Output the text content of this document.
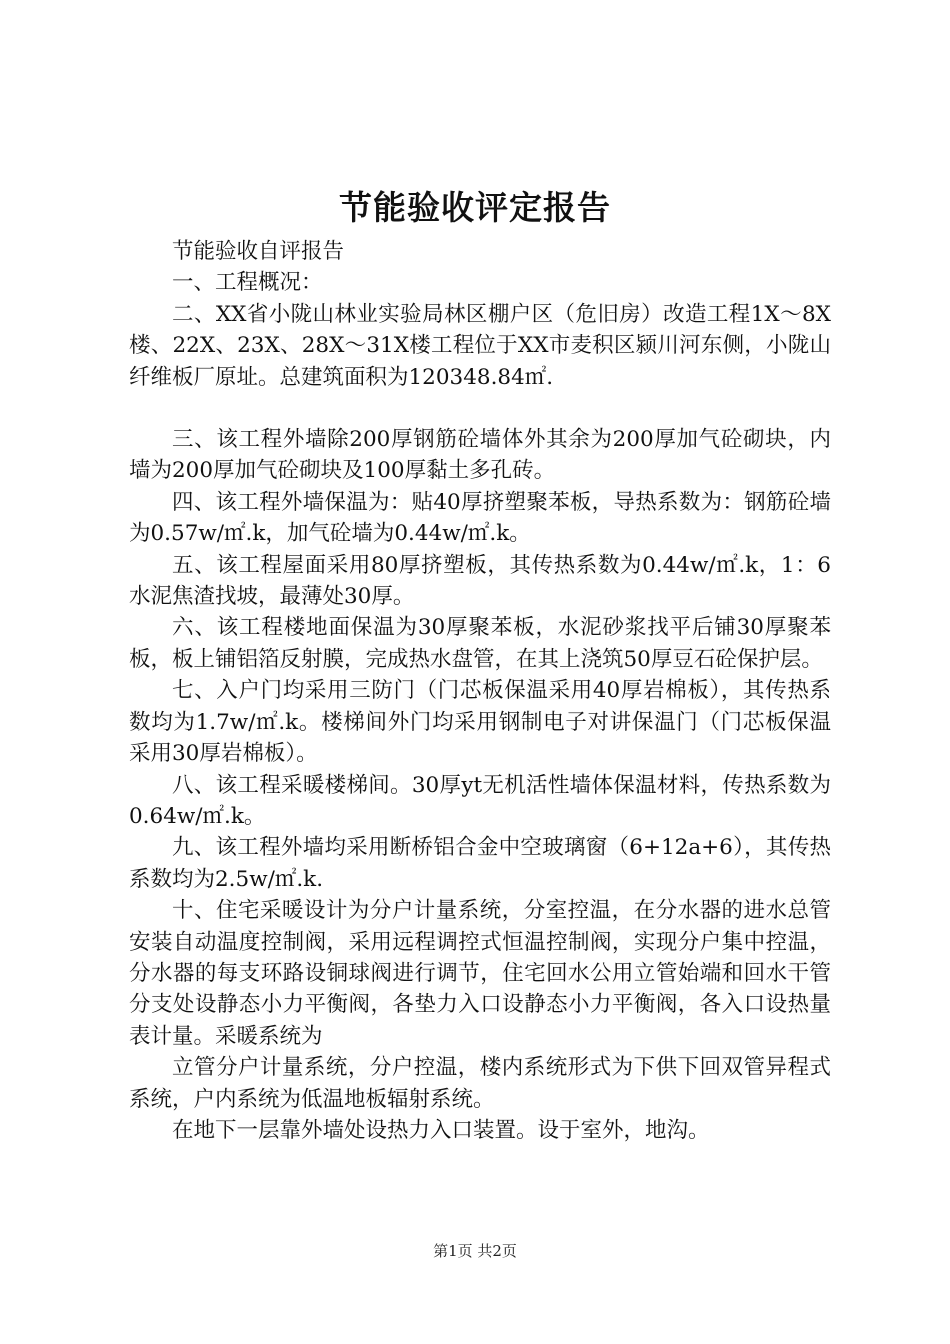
节能验收评定报告

节能验收自评报告

一、工程概况：

二、XX省小陇山林业实验局林区棚户区（危旧房）改造工程1X～8X楼、22X、23X、28X～31X楼工程位于XX市麦积区颍川河东侧，小陇山纤维板厂原址。总建筑面积为120348.84㎡.

三、该工程外墙除200厚钢筋砼墙体外其余为200厚加气砼砌块，内墙为200厚加气砼砌块及100厚黏土多孔砖。

四、该工程外墙保温为：贴40厚挤塑聚苯板，导热系数为：钢筋砼墙为0.57w/㎡.k，加气砼墙为0.44w/㎡.k。

五、该工程屋面采用80厚挤塑板，其传热系数为0.44w/㎡.k，1：6水泥焦渣找坡，最薄处30厚。

六、该工程楼地面保温为30厚聚苯板，水泥砂浆找平后铺30厚聚苯板，板上铺铝箔反射膜，完成热水盘管，在其上浇筑50厚豆石砼保护层。

七、入户门均采用三防门（门芯板保温采用40厚岩棉板），其传热系数均为1.7w/㎡.k。楼梯间外门均采用钢制电子对讲保温门（门芯板保温采用30厚岩棉板）。

八、该工程采暖楼梯间。30厚yt无机活性墙体保温材料，传热系数为0.64w/㎡.k。

九、该工程外墙均采用断桥铝合金中空玻璃窗（6+12a+6），其传热系数均为2.5w/㎡.k.

十、住宅采暖设计为分户计量系统，分室控温，在分水器的进水总管安装自动温度控制阀，采用远程调控式恒温控制阀，实现分户集中控温，分水器的每支环路设铜球阀进行调节，住宅回水公用立管始端和回水干管分支处设静态小力平衡阀，各垫力入口设静态小力平衡阀，各入口设热量表计量。采暖系统为

立管分户计量系统，分户控温，楼内系统形式为下供下回双管异程式系统，户内系统为低温地板辐射系统。

在地下一层靠外墙处设热力入口装置。设于室外，地沟。

第1页 共2页
